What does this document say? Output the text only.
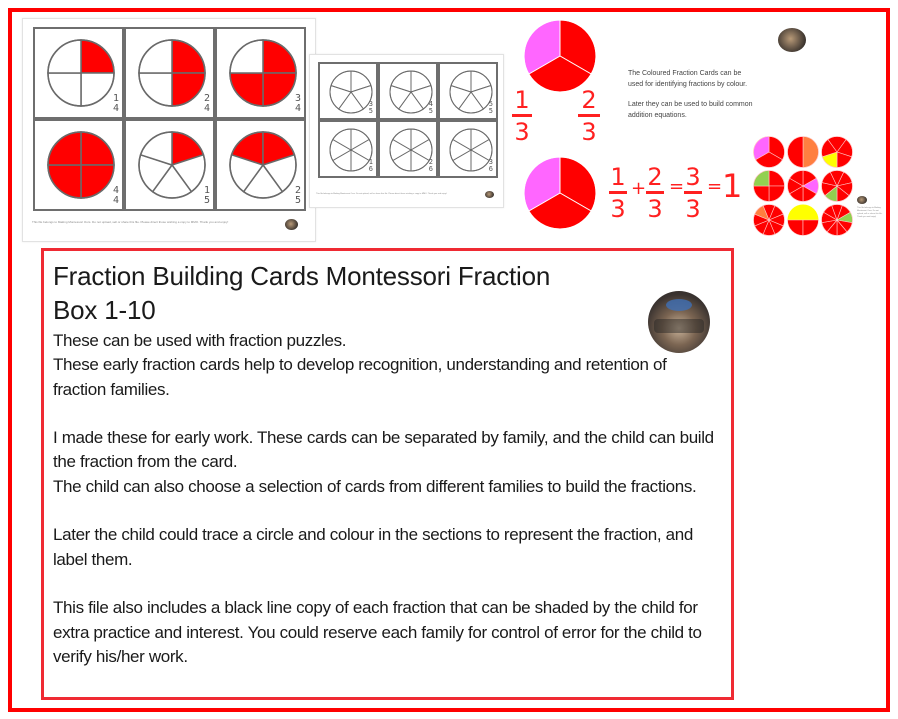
1
4
2
4
3
4
4
4
1
5
2
5
This file belongs to Making Montessori Ours. Do not upload, sell or share this file. Please direct those wishing a copy to MMO. Thank you and enjoy!
3
5
4
5
5
5
1
6
2
6
3
6
This file belongs to Making Montessori Ours. Do not upload, sell or share this file. Please direct those wishing a copy to MMO. Thank you and enjoy!
$\frac{1}{3} \frac{2}{3}$
The Coloured Fraction Cards can be used for identifying fractions by colour.
Later they can be used to build common addition equations.
$\frac{1}{3} + \frac{2}{3} = \frac{3}{3} = 1$
This file belongs to Making Montessori Ours. Do not upload, sell or share this file. Thank you and enjoy!
Fraction Building Cards Montessori Fraction
Box 1-10

These can be used with fraction puzzles.

These early fraction cards help to develop recognition, understanding and retention of fraction families.

I made these for early work. These cards can be separated by family, and the child can build the fraction from the card.

The child can also choose a selection of cards from different families to build the fractions.

Later the child could trace a circle and colour in the sections to represent the fraction, and label them.

This file also includes a black line copy of each fraction that can be shaded by the child for extra practice and interest. You could reserve each family for control of error for the child to verify his/her work.
